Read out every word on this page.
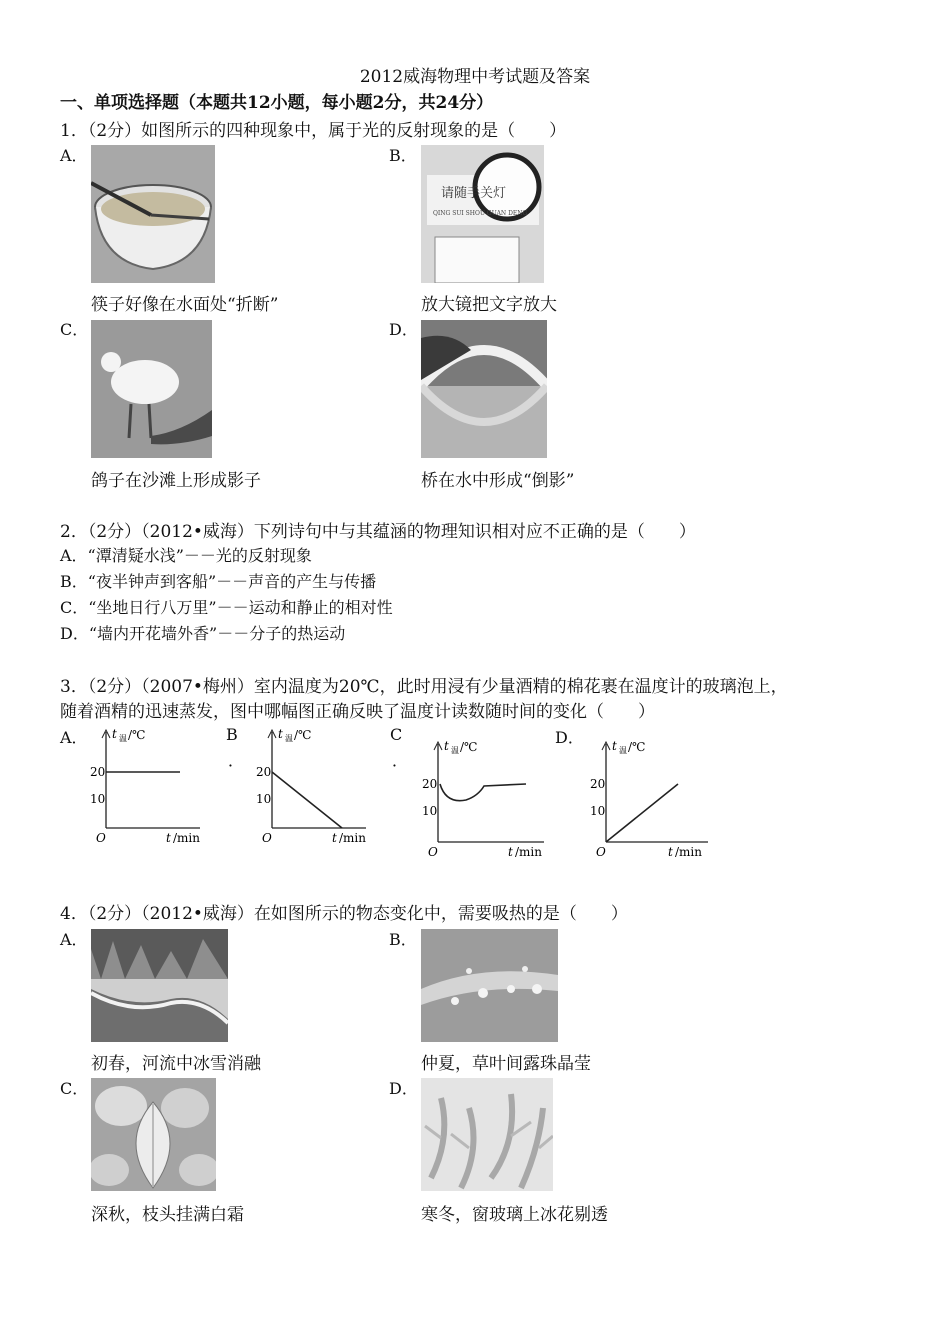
2012威海物理中考试题及答案
一、单项选择题（本题共12小题，每小题2分，共24分）
1．（2分）如图所示的四种现象中，属于光的反射现象的是（　　）
A．
筷子好像在水面处“折断”
B．
请随手关灯
QING SUI SHOU GUAN DENG
放大镜把文字放大
C．
鸽子在沙滩上形成影子
D．
桥在水中形成“倒影”
2．（2分）（2012•威海）下列诗句中与其蕴涵的物理知识相对应不正确的是（　　）
A．“潭清疑水浅”－－光的反射现象
B．“夜半钟声到客船”－－声音的产生与传播
C．“坐地日行八万里”－－运动和静止的相对性
D．“墙内开花墙外香”－－分子的热运动
3．（2分）（2007•梅州）室内温度为20℃，此时用浸有少量酒精的棉花裹在温度计的玻璃泡上，
随着酒精的迅速蒸发，图中哪幅图正确反映了温度计读数随时间的变化（　　）
A．	B
．
C
．
D．
t 温 /℃
20
10
O	t /min
t 温 /℃
20
10
O	t /min
t 温 /℃
20
10
O	t /min
t 温 /℃
20
10
O	t /min
4．（2分）（2012•威海）在如图所示的物态变化中，需要吸热的是（　　）
A．
初春，河流中冰雪消融
B．
仲夏，草叶间露珠晶莹
C．
深秋，枝头挂满白霜
D．
寒冬，窗玻璃上冰花剔透
